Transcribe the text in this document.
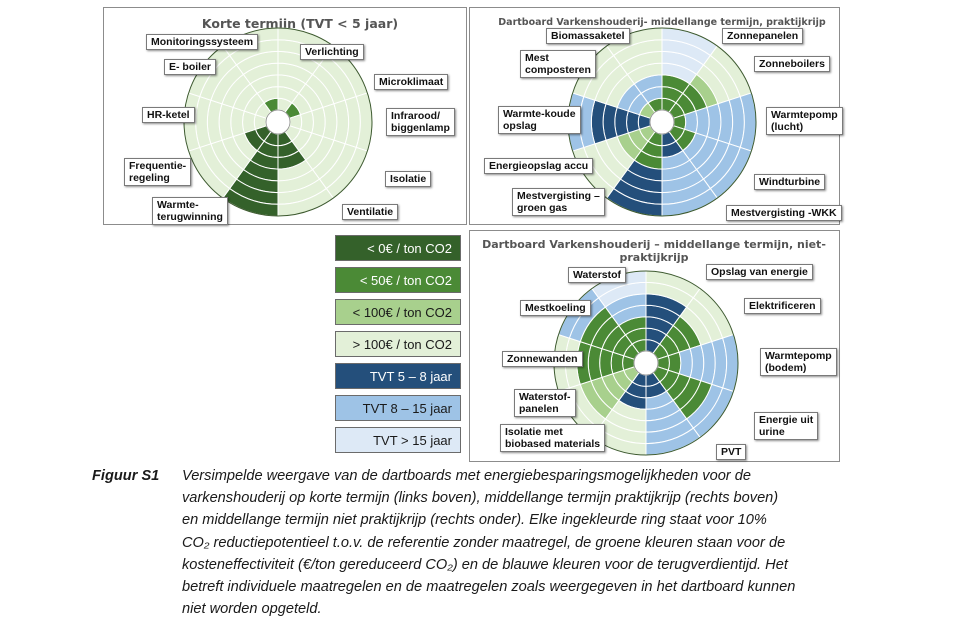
Korte termijn (TVT < 5 jaar)
Verlichting
Microklimaat
Infrarood/
biggenlamp
Isolatie
Ventilatie
Warmte-
terugwinning
Frequentie-
regeling
HR-ketel
E- boiler
Monitoringssysteem
Dartboard Varkenshouderij- middellange termijn, praktijkrijp
Zonnepanelen
Zonneboilers
Warmtepomp
(lucht)
Windturbine
Mestvergisting -WKK
Mestvergisting –
groen gas
Energieopslag accu
Warmte-koude
opslag
Mest
composteren
Biomassaketel
Dartboard Varkenshouderij – middellange termijn, niet-
praktijkrijp
Opslag van energie
Elektrificeren
Warmtepomp
(bodem)
Energie uit
urine
PVT
Isolatie met
biobased materials
Waterstof-
panelen
Zonnewanden
Mestkoeling
Waterstof
< 0€ / ton CO2
< 50€ / ton CO2
< 100€ / ton CO2
> 100€ / ton CO2
TVT 5 – 8 jaar
TVT 8 – 15 jaar
TVT > 15 jaar
Figuur S1	Versimpelde weergave van de dartboards met energiebesparingsmogelijkheden voor de
varkenshouderij op korte termijn (links boven), middellange termijn praktijkrijp (rechts boven)
en middellange termijn niet praktijkrijp (rechts onder). Elke ingekleurde ring staat voor 10%
CO₂ reductiepotentieel t.o.v. de referentie zonder maatregel, de groene kleuren staan voor de
kosteneffectiviteit (€/ton gereduceerd CO₂) en de blauwe kleuren voor de terugverdientijd. Het
betreft individuele maatregelen en de maatregelen zoals weergegeven in het dartboard kunnen
niet worden opgeteld.
